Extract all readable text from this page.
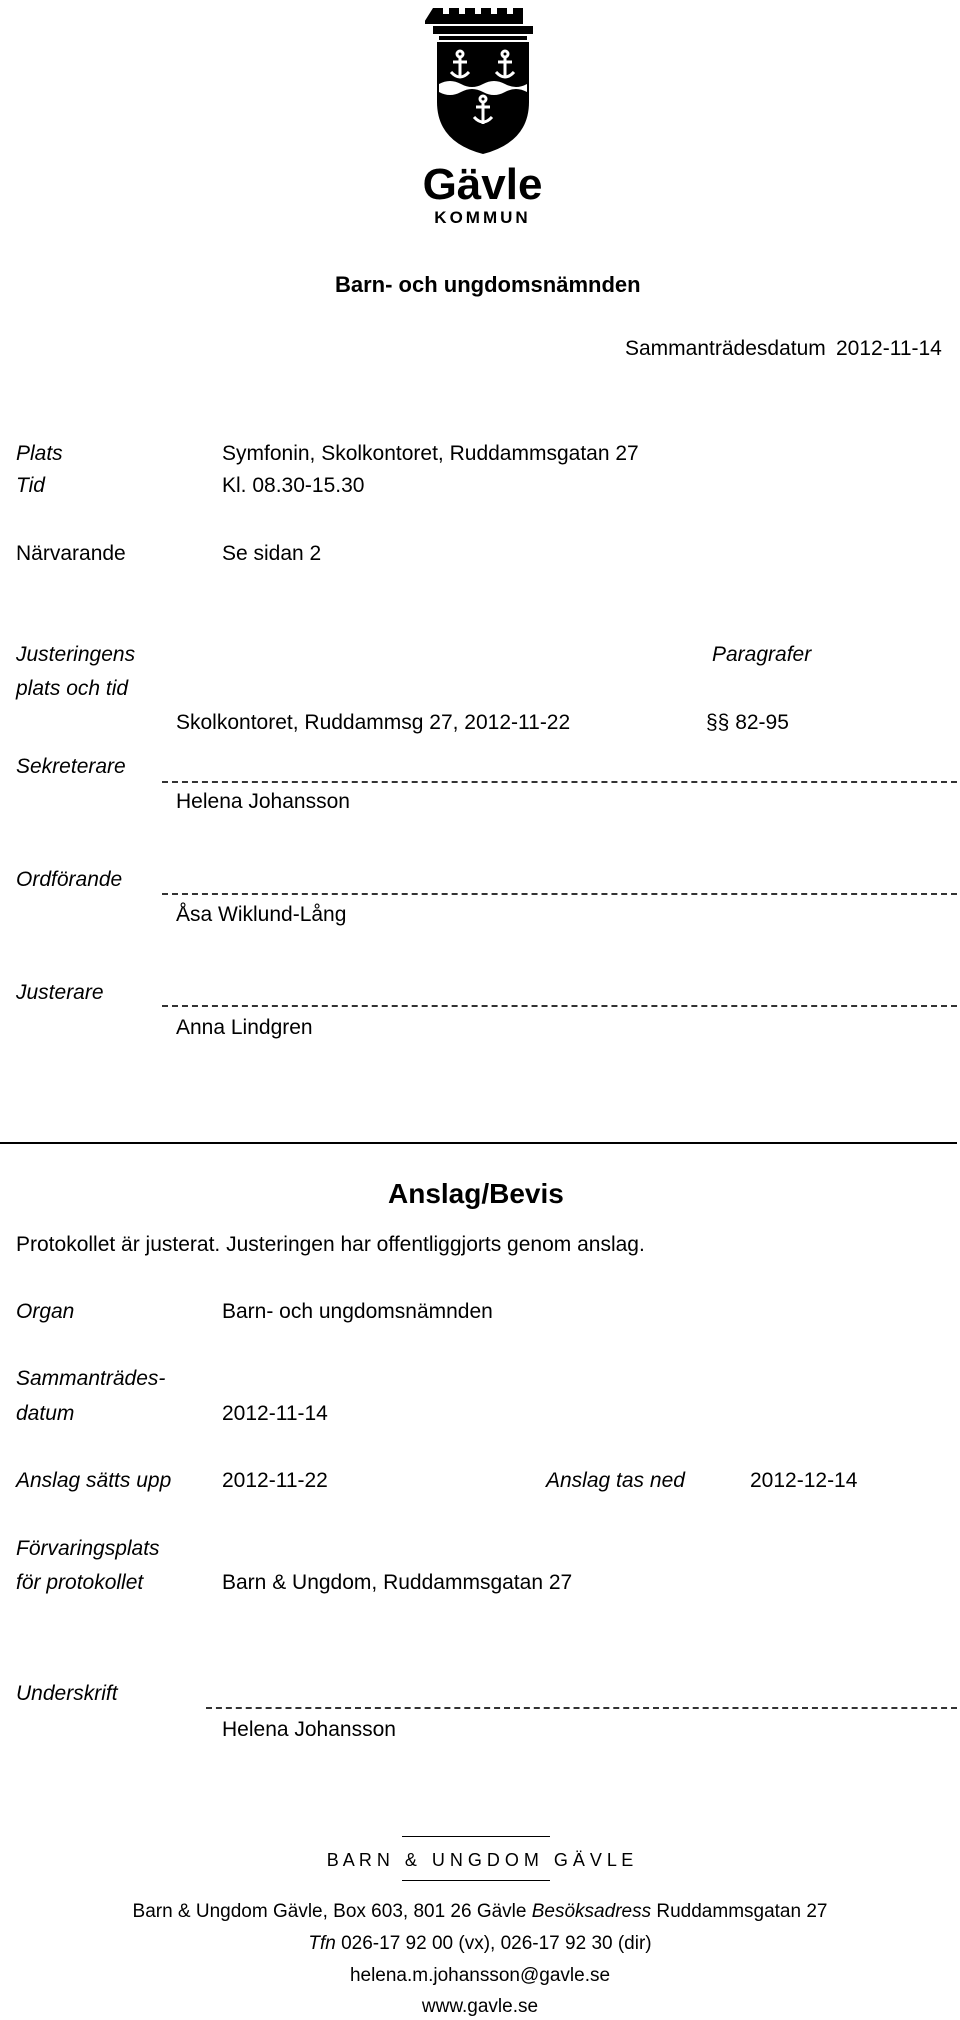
Gävle
KOMMUN
Barn- och ungdomsnämnden
Sammanträdesdatum 2012-11-14
Plats	Symfonin, Skolkontoret, Ruddammsgatan 27
Tid	Kl. 08.30-15.30
Närvarande	Se sidan 2
Justeringens
plats och tid
Paragrafer
Skolkontoret, Ruddammsg 27, 2012-11-22	§§ 82-95
Sekreterare
Helena Johansson
Ordförande
Åsa Wiklund-Lång
Justerare
Anna Lindgren
Anslag/Bevis
Protokollet är justerat. Justeringen har offentliggjorts genom anslag.
Organ	Barn- och ungdomsnämnden
Sammanträdes-
datum	2012-11-14
Anslag sätts upp 2012-11-22	Anslag tas ned	2012-12-14
Förvaringsplats
för protokollet	Barn & Ungdom, Ruddammsgatan 27
Underskrift
Helena Johansson
B A R N   &   U N G D O M   G Ä V L E
Barn & Ungdom Gävle, Box 603, 801 26 Gävle Besöksadress Ruddammsgatan 27
Tfn 026-17 92 00 (vx), 026-17 92 30 (dir)
helena.m.johansson@gavle.se
www.gavle.se
